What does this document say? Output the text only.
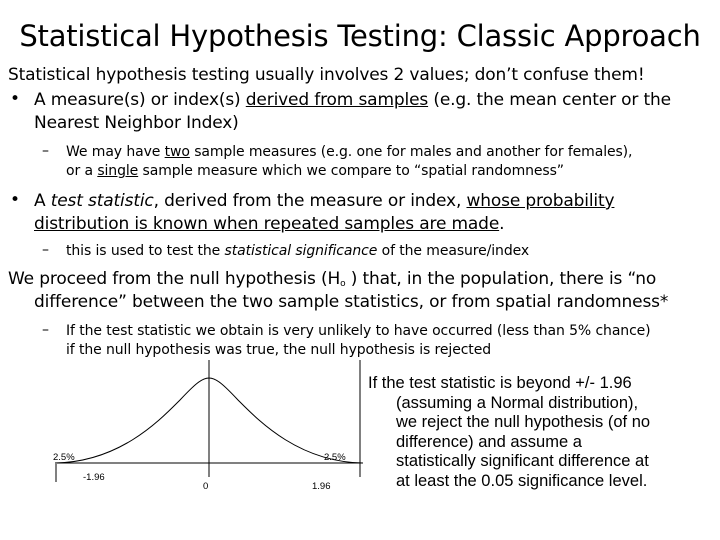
Statistical Hypothesis Testing: Classic Approach
Statistical hypothesis testing usually involves 2 values; don’t confuse them!
• A measure(s) or index(s) derived from samples (e.g. the mean center or the
Nearest Neighbor Index)
– We may have two sample measures (e.g. one for males and another for females),
or a single sample measure which we compare to “spatial randomness”
• A test statistic, derived from the measure or index, whose probability
distribution is known when repeated samples are made.
– this is used to test the statistical significance of the measure/index
We proceed from the null hypothesis ($H_o$ ) that, in the population, there is “no
difference” between the two sample statistics, or from spatial randomness*
– If the test statistic we obtain is very unlikely to have occurred (less than 5% chance)
if the null hypothesis was true, the null hypothesis is rejected
2.5%	2.5%
-1.96
0	1.96
If the test statistic is beyond +/- 1.96
(assuming a Normal distribution),
we reject the null hypothesis (of no
difference) and assume a
statistically significant difference at
at least the 0.05 significance level.
